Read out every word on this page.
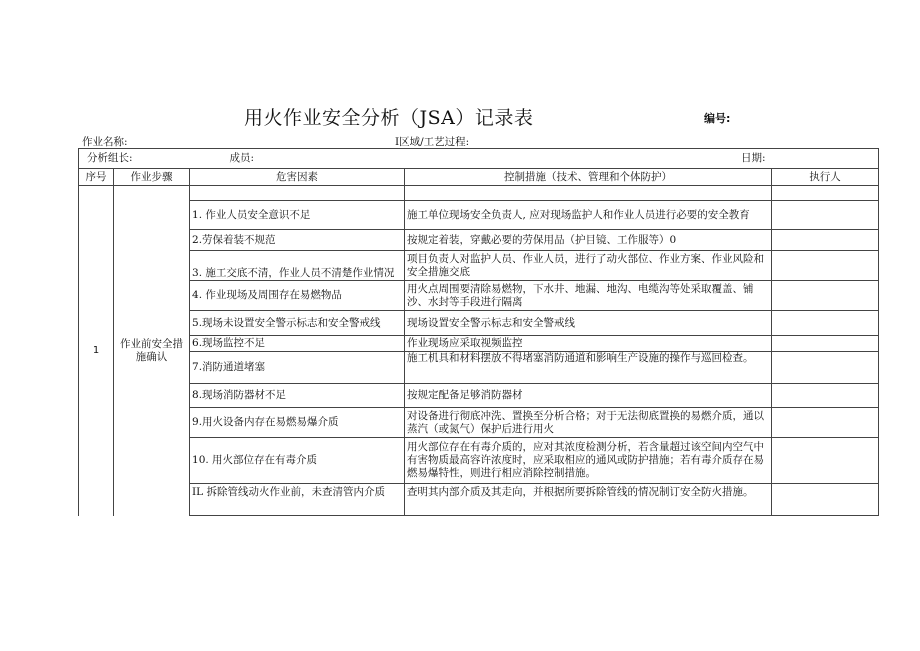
用火作业安全分析（JSA）记录表	编号:
作业名称:	I区域/工艺过程:
分析组长:		成员:	日期:	
序号	作业步骤	危害因素	控制措施（技术、管理和个体防护）	执行人
1	作业前安全措施确认			
		1. 作业人员安全意识不足	施工单位现场安全负责人, 应对现场监护人和作业人员进行必要的安全教育	
		2.劳保着装不规范	按规定着装，穿戴必要的劳保用品（护目镜、工作服等）0	
		3. 施工交底不清，作业人员不清楚作业情况	项目负责人对监护人员、作业人员，进行了动火部位、作业方案、作业风险和安全措施交底	
		4. 作业现场及周围存在易燃物品	用火点周围要清除易燃物，下水井、地漏、地沟、电缆沟等处采取覆盖、铺沙、水封等手段进行隔离	
		5.现场未设置安全警示标志和安全警戒线	现场设置安全警示标志和安全警戒线	
		6.现场监控不足	作业现场应采取视频监控	
		7.消防通道堵塞	施工机具和材料摆放不得堵塞消防通道和影响生产设施的操作与巡回检查。	
		8.现场消防器材不足	按规定配备足够消防器材	
		9.用火设备内存在易燃易爆介质	对设备进行彻底冲洗、置换至分析合格；对于无法彻底置换的易燃介质，通以蒸汽（或氮气）保护后进行用火	
		10. 用火部位存在有毒介质	用火部位存在有毒介质的，应对其浓度检测分析，若含量超过该空间内空气中有害物质最高容许浓度时，应采取相应的通风或防护措施；若有毒介质存在易燃易爆特性，则进行相应消除控制措施。	
		IL 拆除管线动火作业前，未查清管内介质	查明其内部介质及其走向，并根据所要拆除管线的情况制订安全防火措施。	
